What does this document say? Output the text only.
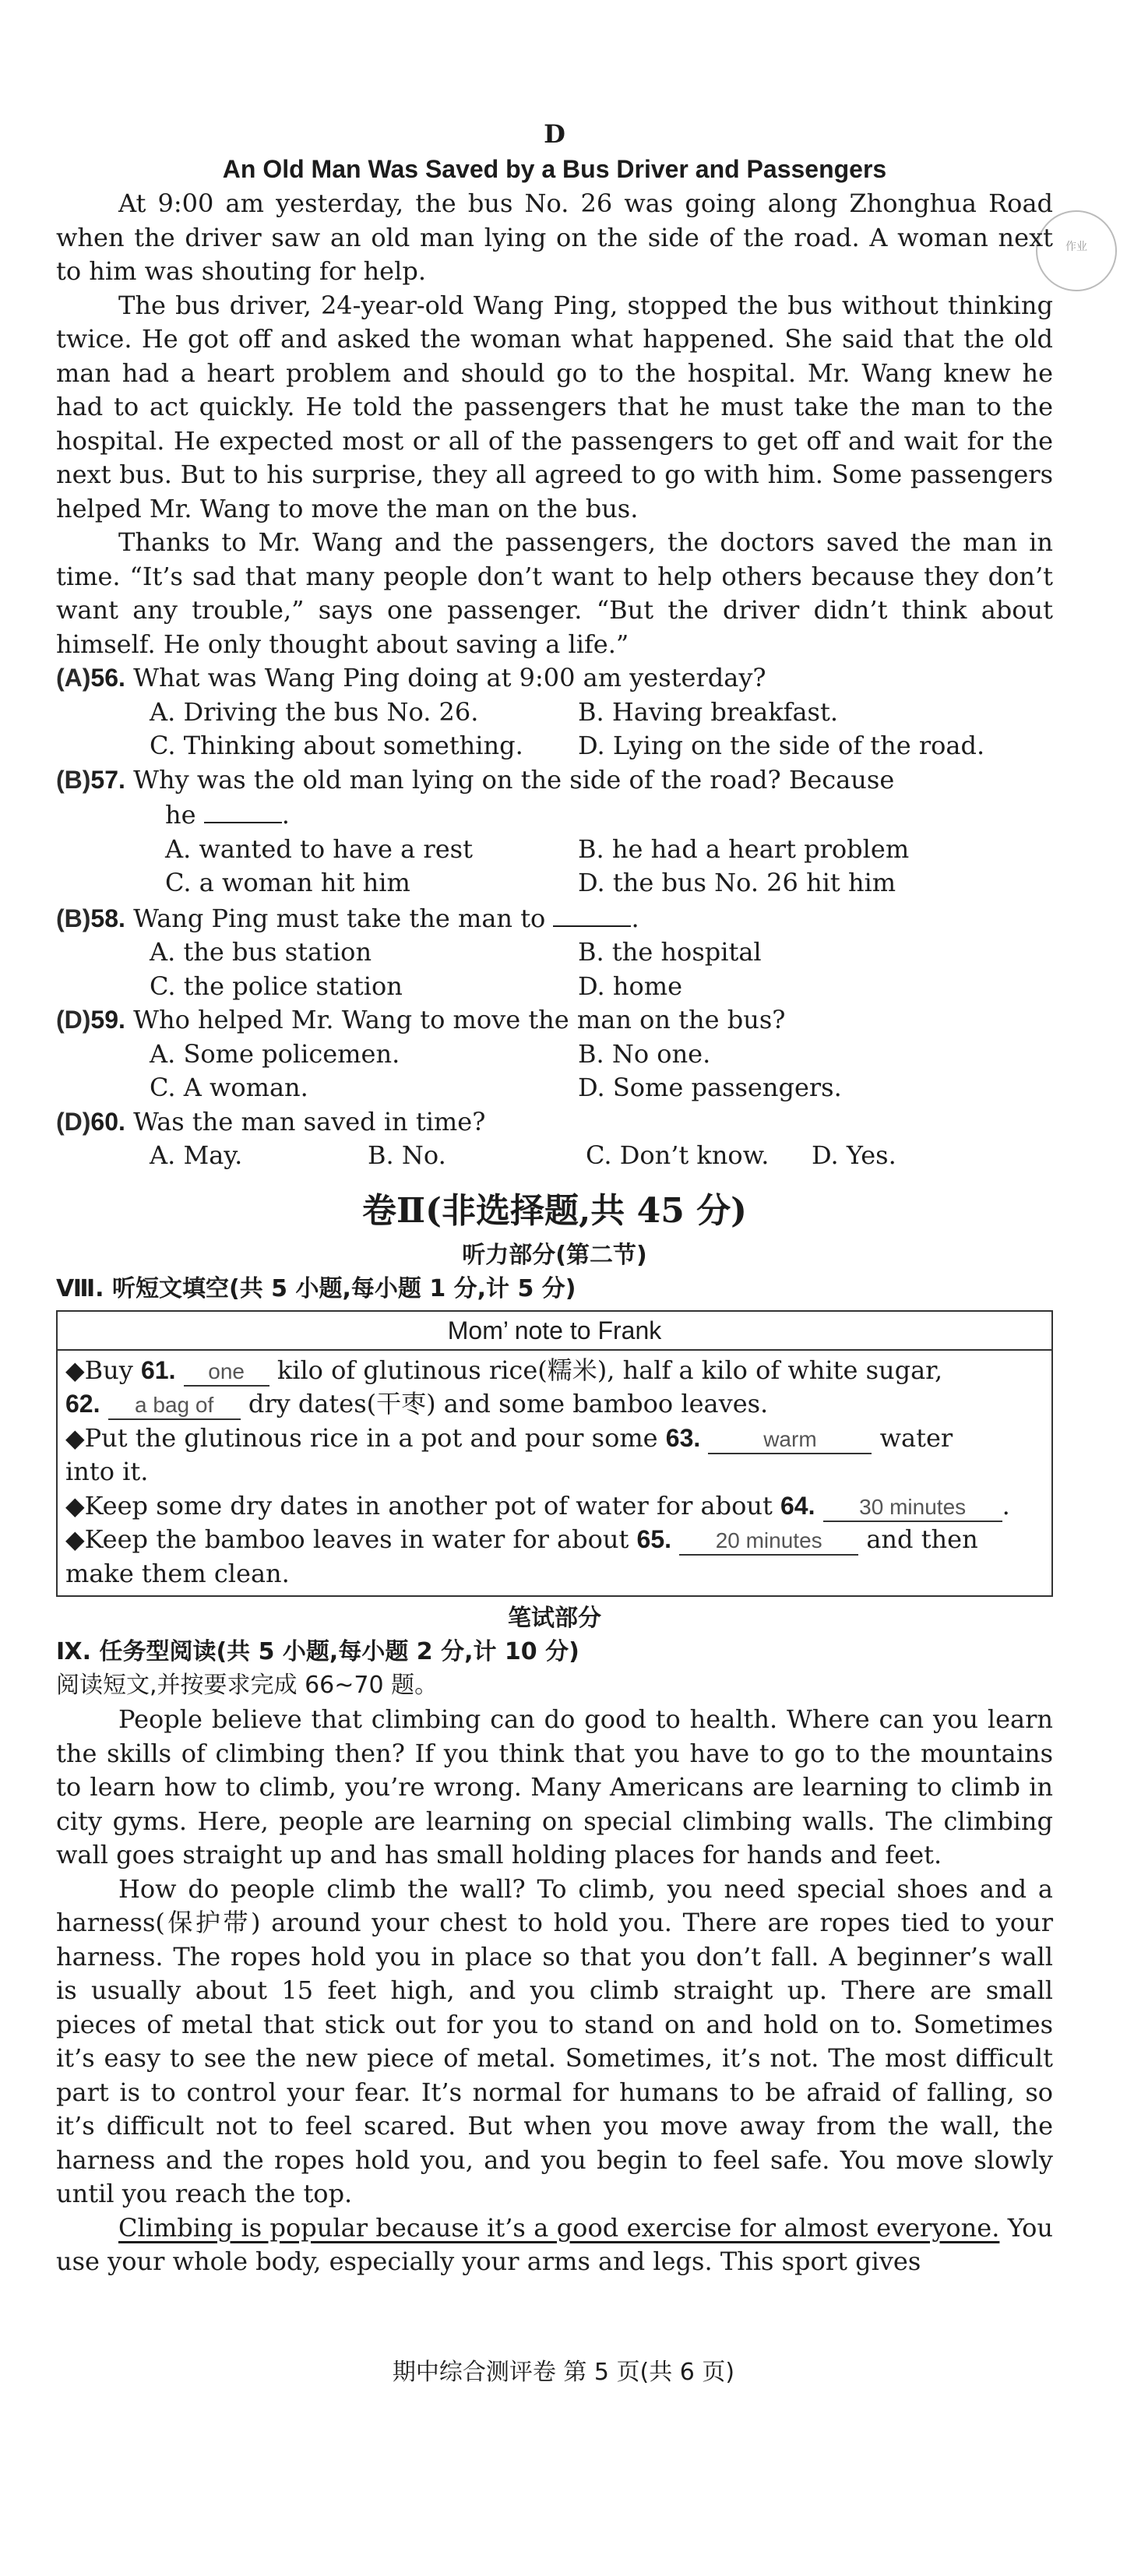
作业
D
An Old Man Was Saved by a Bus Driver and Passengers

At 9:00 am yesterday, the bus No. 26 was going along Zhonghua Road when the driver saw an old man lying on the side of the road. A woman next to him was shouting for help.

The bus driver, 24-year-old Wang Ping, stopped the bus without thinking twice. He got off and asked the woman what happened. She said that the old man had a heart problem and should go to the hospital. Mr. Wang knew he had to act quickly. He told the passengers that he must take the man to the hospital. He expected most or all of the passengers to get off and wait for the next bus. But to his surprise, they all agreed to go with him. Some passengers helped Mr. Wang to move the man on the bus.

Thanks to Mr. Wang and the passengers, the doctors saved the man in time. “It’s sad that many people don’t want to help others because they don’t want any trouble,” says one passenger. “But the driver didn’t think about himself. He only thought about saving a life.”

(A)56. What was Wang Ping doing at 9:00 am yesterday?
A. Driving the bus No. 26.	B. Having breakfast.
C. Thinking about something. D. Lying on the side of the road.
(B)57. Why was the old man lying on the side of the road? Because
he	.
A. wanted to have a rest	B. he had a heart problem
C. a woman hit him	D. the bus No. 26 hit him
(B)58. Wang Ping must take the man to	.
A. the bus station	B. the hospital
C. the police station	D. home
(D)59. Who helped Mr. Wang to move the man on the bus?
A. Some policemen.	B. No one.
C. A woman.	D. Some passengers.
(D)60. Was the man saved in time?
A. May.	B. No.	C. Don’t know. D. Yes.
卷Ⅱ(非选择题,共 45 分)
听力部分(第二节)
Ⅷ. 听短文填空(共 5 小题,每小题 1 分,计 5 分)
Mom’ note to Frank
◆Buy 61. one kilo of glutinous rice(糯米), half a kilo of white sugar,
62. a bag of dry dates(干枣) and some bamboo leaves.
◆Put the glutinous rice in a pot and pour some 63.	warm water
into it.
◆Keep some dry dates in another pot of water for about 64. 30 minutes .
◆Keep the bamboo leaves in water for about 65. 20 minutes and then
make them clean.
笔试部分
Ⅸ. 任务型阅读(共 5 小题,每小题 2 分,计 10 分)
阅读短文,并按要求完成 66~70 题。

People believe that climbing can do good to health. Where can you learn the skills of climbing then? If you think that you have to go to the mountains to learn how to climb, you’re wrong. Many Americans are learning to climb in city gyms. Here, people are learning on special climbing walls. The climbing wall goes straight up and has small holding places for hands and feet.

How do people climb the wall? To climb, you need special shoes and a harness(保护带) around your chest to hold you. There are ropes tied to your harness. The ropes hold you in place so that you don’t fall. A beginner’s wall is usually about 15 feet high, and you climb straight up. There are small pieces of metal that stick out for you to stand on and hold on to. Sometimes it’s easy to see the new piece of metal. Sometimes, it’s not. The most difficult part is to control your fear. It’s normal for humans to be afraid of falling, so it’s difficult not to feel scared. But when you move away from the wall, the harness and the ropes hold you, and you begin to feel safe. You move slowly until you reach the top.

Climbing is popular because it’s a good exercise for almost everyone. You use your whole body, especially your arms and legs. This sport gives

期中综合测评卷 第 5 页(共 6 页)
